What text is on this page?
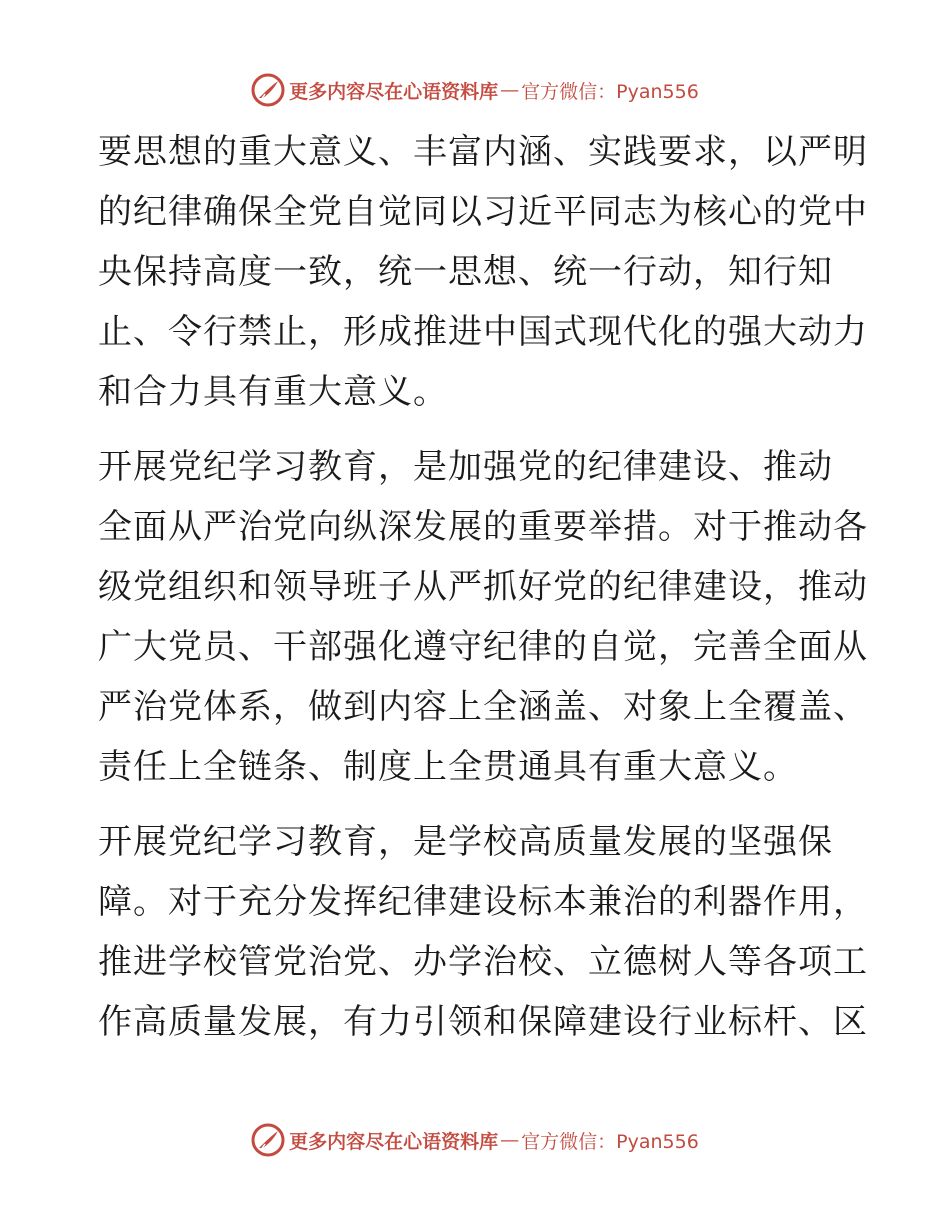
更多内容尽在心语资料库 — 官方微信：Pyan556
要思想的重大意义、丰富内涵、实践要求，以严明
的纪律确保全党自觉同以习近平同志为核心的党中
央保持高度一致，统一思想、统一行动，知行知
止、令行禁止，形成推进中国式现代化的强大动力
和合力具有重大意义。
开展党纪学习教育，是加强党的纪律建设、推动
全面从严治党向纵深发展的重要举措。对于推动各
级党组织和领导班子从严抓好党的纪律建设，推动
广大党员、干部强化遵守纪律的自觉，完善全面从
严治党体系，做到内容上全涵盖、对象上全覆盖、
责任上全链条、制度上全贯通具有重大意义。
开展党纪学习教育，是学校高质量发展的坚强保
障。对于充分发挥纪律建设标本兼治的利器作用，
推进学校管党治党、办学治校、立德树人等各项工
作高质量发展，有力引领和保障建设行业标杆、区
更多内容尽在心语资料库 — 官方微信：Pyan556
